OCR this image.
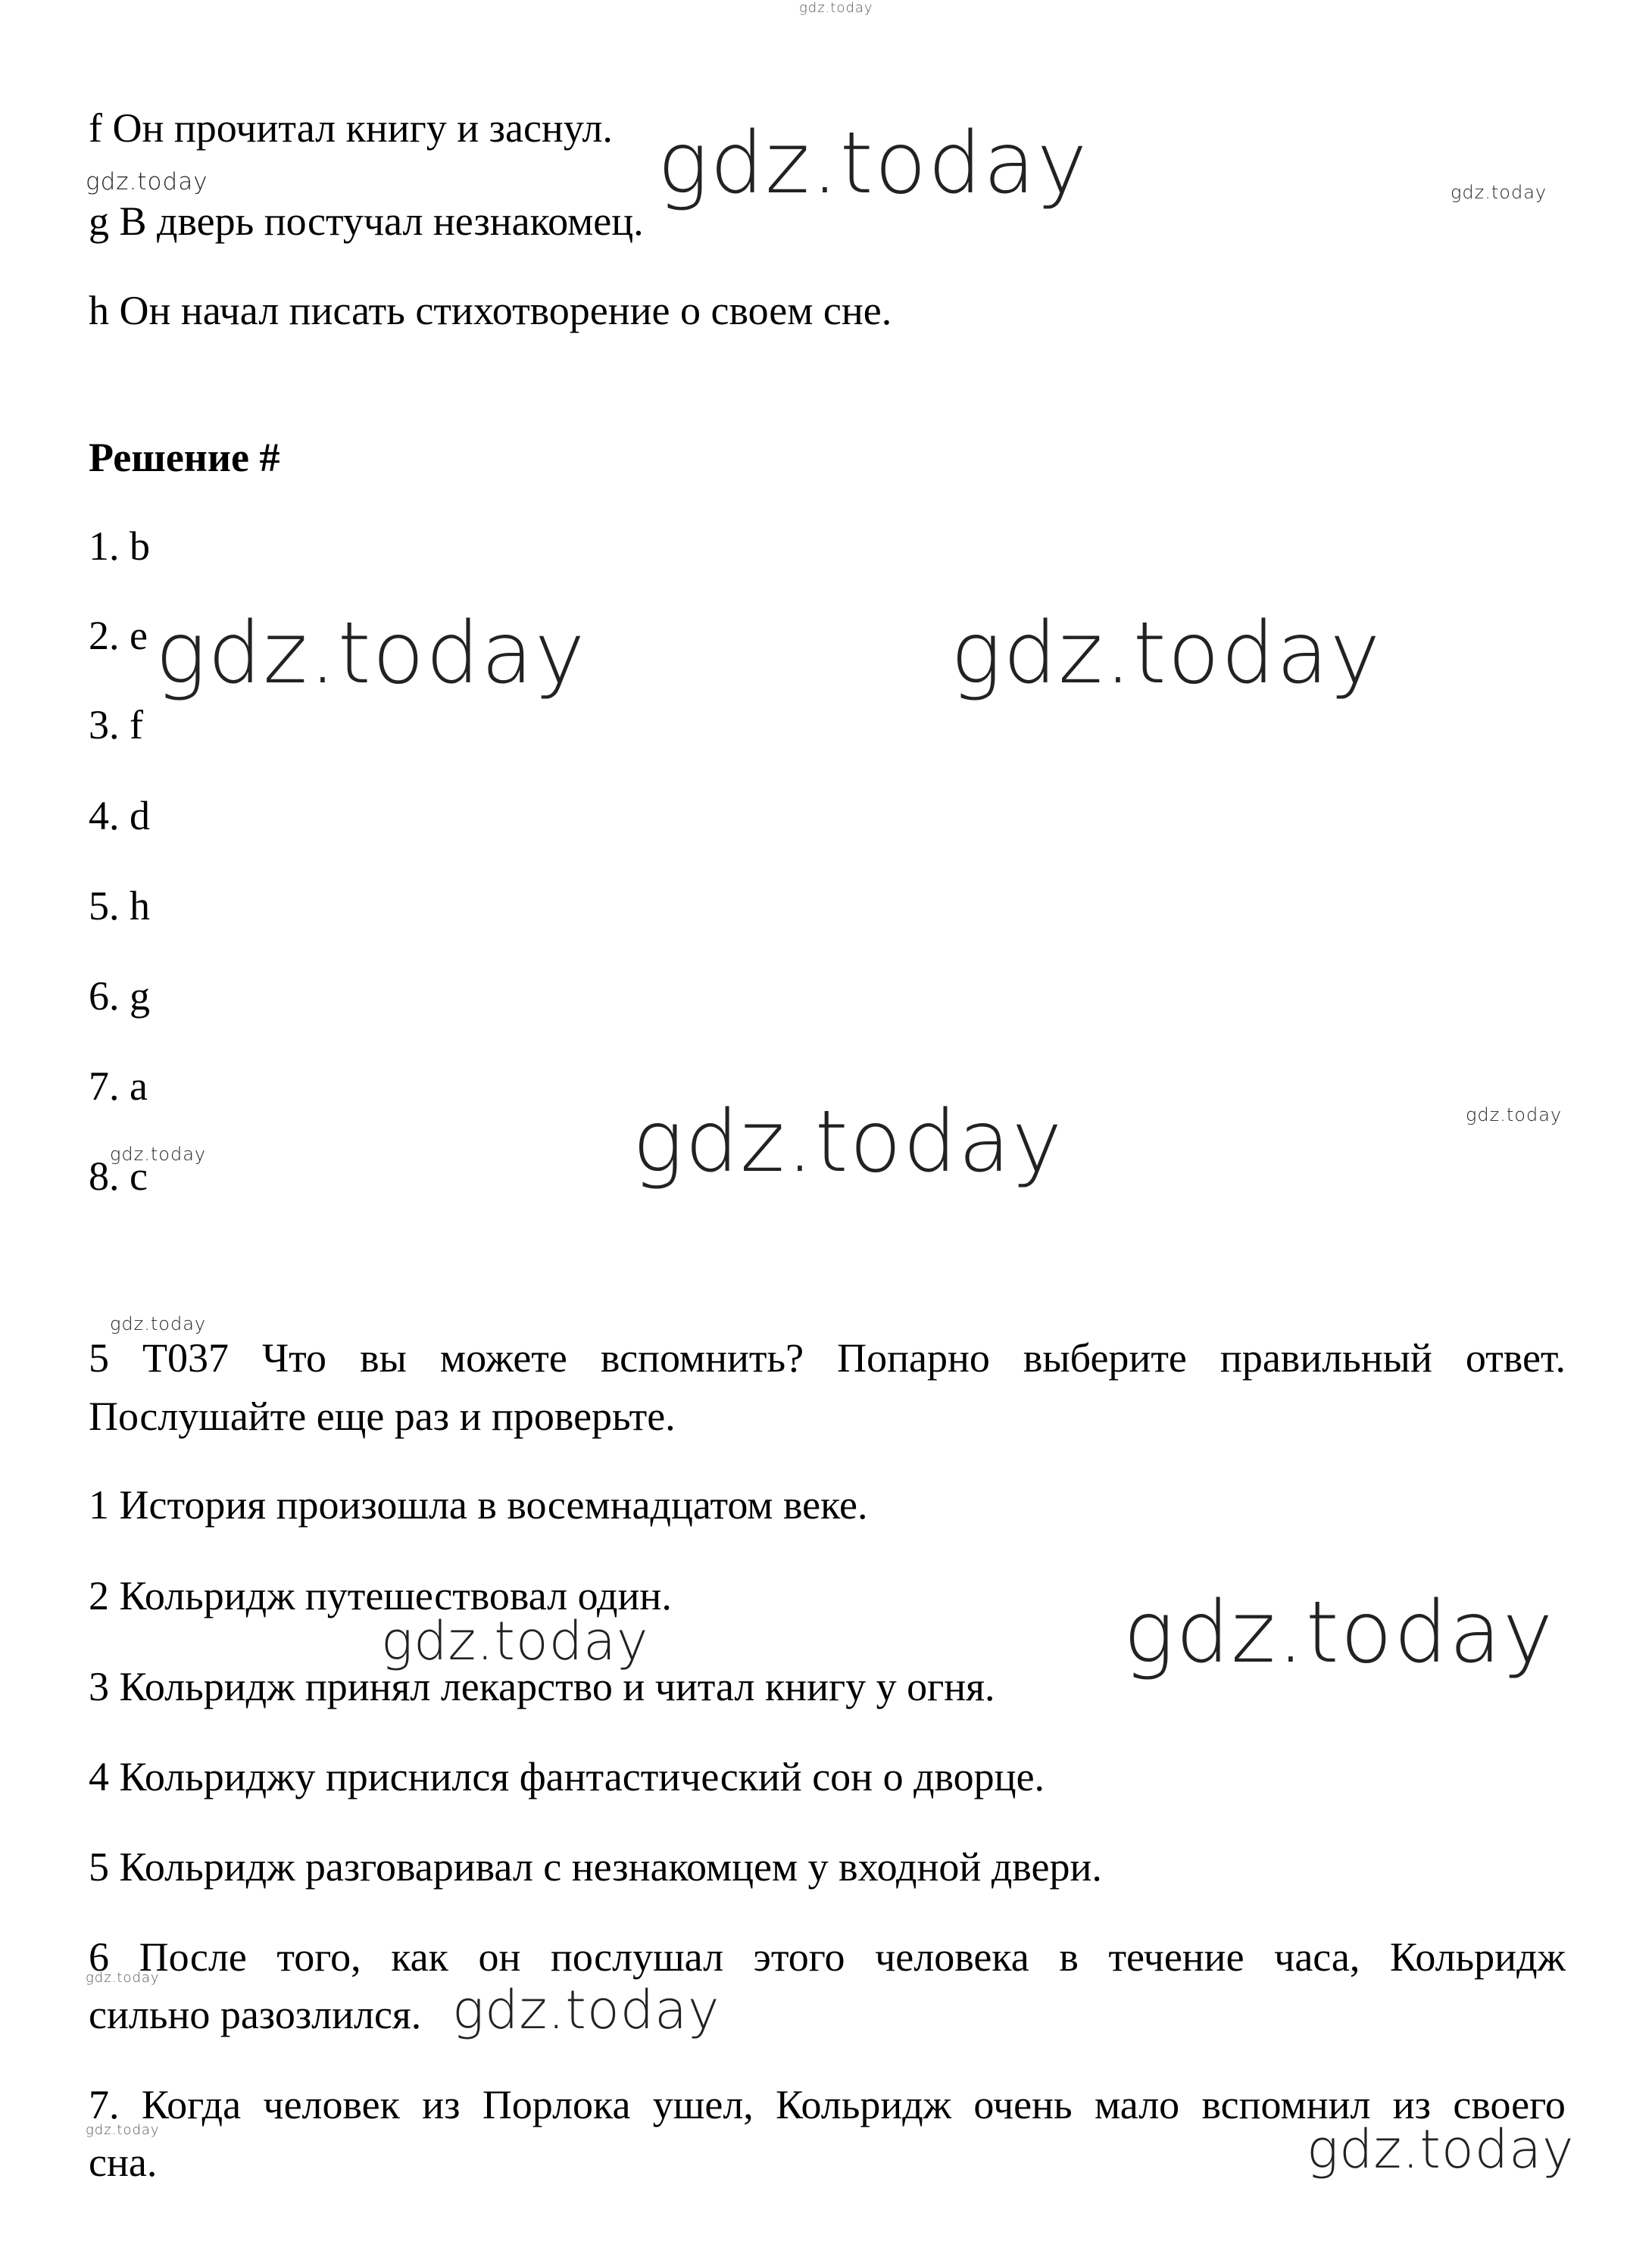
f Он прочитал книгу и заснул.
g В дверь постучал незнакомец.
h Он начал писать стихотворение о своем сне.
Решение #
1. b
2. e
3. f
4. d
5. h
6. g
7. a
8. c
5 T037 Что вы можете вспомнить? Попарно выберите правильный ответ.
Послушайте еще раз и проверьте.
1 История произошла в восемнадцатом веке.
2 Кольридж путешествовал один.
3 Кольридж принял лекарство и читал книгу у огня.
4 Кольриджу приснился фантастический сон о дворце.
5 Кольридж разговаривал с незнакомцем у входной двери.
6 После того, как он послушал этого человека в течение часа, Кольридж
сильно разозлился.
7. Когда человек из Порлока ушел, Кольридж очень мало вспомнил из своего
сна.
gdz.today
gdz.today
gdz.today	gdz.today
gdz.today	gdz.today
gdz.today
gdz.today
gdz.today
gdz.today
gdz.today
gdz.today
gdz.today
gdz.today
gdz.today	gdz.today
